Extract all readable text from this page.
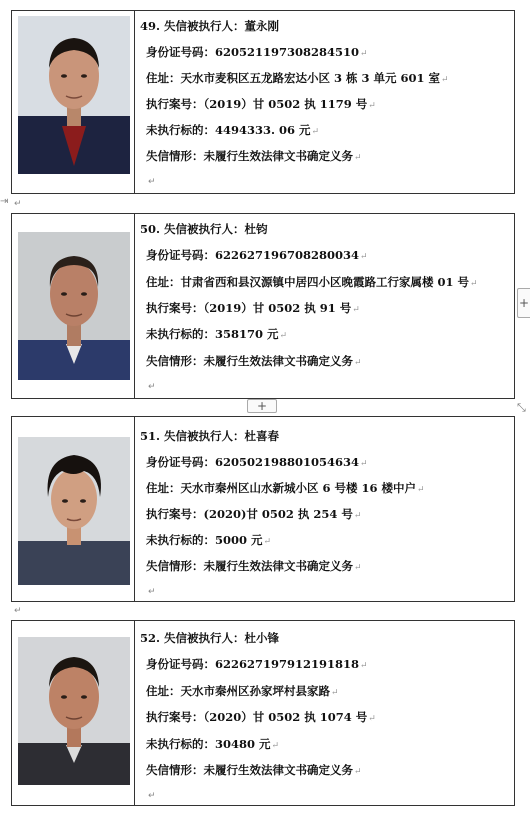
49. 失信被执行人：董永刚
身份证号码：620521197308284510↵
住址：天水市麦积区五龙路宏达小区 3 栋 3 单元 601 室↵
执行案号：（2019）甘 0502 执 1179 号↵
未执行标的：4494333. 06 元↵
失信情形：未履行生效法律文书确定义务↵
↵
⇥ ↵
50. 失信被执行人：杜钧
身份证号码：622627196708280034↵
住址：甘肃省西和县汉源镇中居四小区晚霞路工行家属楼 01 号↵
执行案号：（2019）甘 0502 执 91 号↵
未执行标的：358170 元↵
失信情形：未履行生效法律文书确定义务↵
↵
+
+	⤡
51. 失信被执行人：杜喜春
身份证号码：620502198801054634↵
住址：天水市秦州区山水新城小区 6 号楼 16 楼中户↵
执行案号：(2020)甘 0502 执 254 号↵
未执行标的：5000 元↵
失信情形：未履行生效法律文书确定义务↵
↵
↵
52. 失信被执行人：杜小锋
身份证号码：622627197912191818↵
住址：天水市秦州区孙家坪村县家路↵
执行案号：（2020）甘 0502 执 1074 号↵
未执行标的：30480 元↵
失信情形：未履行生效法律文书确定义务↵
↵
